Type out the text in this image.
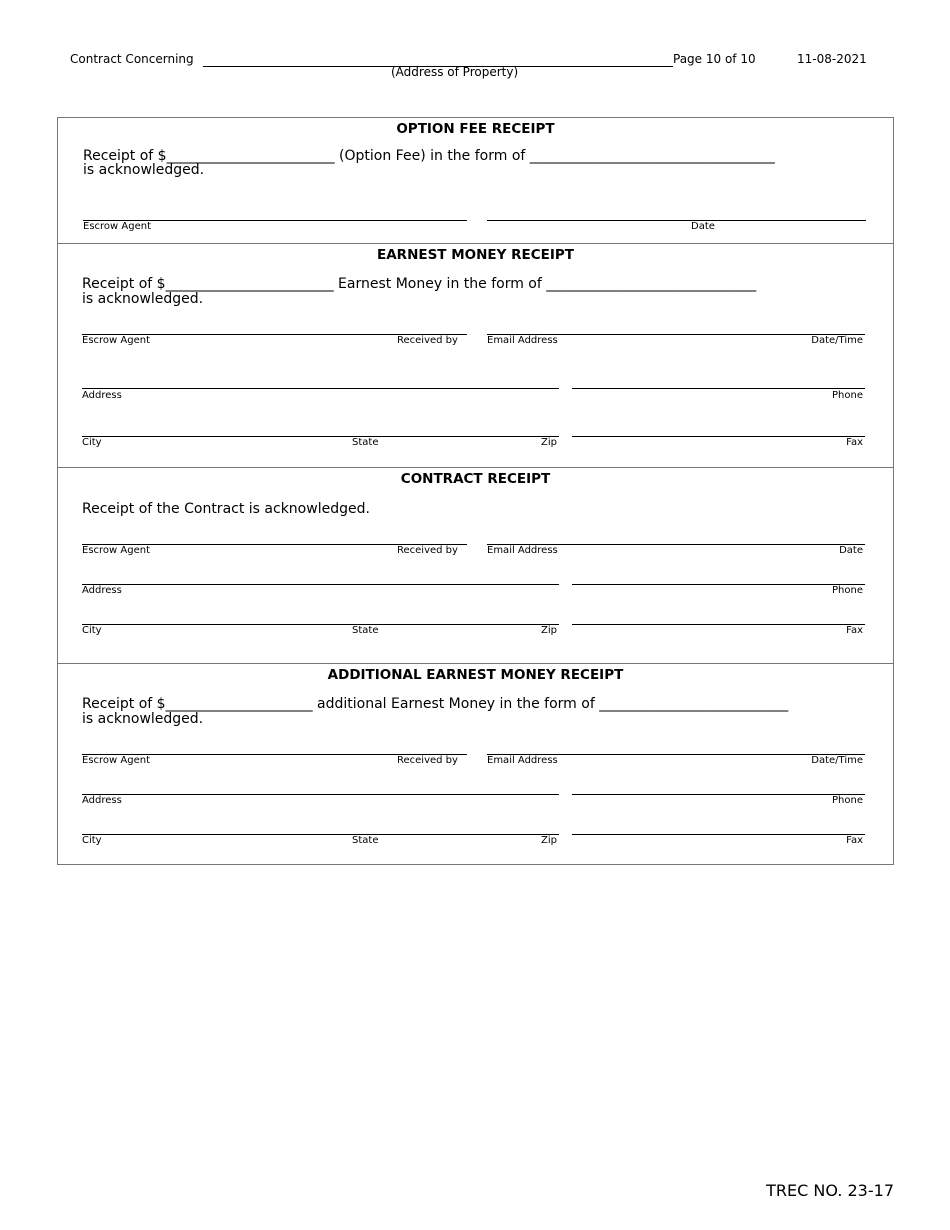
Contract Concerning	Page 10 of 10	11-08-2021
(Address of Property)
OPTION FEE RECEIPT
Receipt of $________________________ (Option Fee) in the form of ___________________________________
is acknowledged.
Escrow Agent	Date
EARNEST MONEY RECEIPT
Receipt of $________________________ Earnest Money in the form of ______________________________
is acknowledged.
Escrow Agent	Received by	Email Address	Date/Time
Address	Phone
City	State	Zip	Fax
CONTRACT RECEIPT
Receipt of the Contract is acknowledged.
Escrow Agent	Received by	Email Address	Date
Address	Phone
City	State	Zip	Fax
ADDITIONAL EARNEST MONEY RECEIPT
Receipt of $_____________________ additional Earnest Money in the form of ___________________________
is acknowledged.
Escrow Agent	Received by	Email Address	Date/Time
Address	Phone
City	State	Zip	Fax
TREC NO. 23-17
